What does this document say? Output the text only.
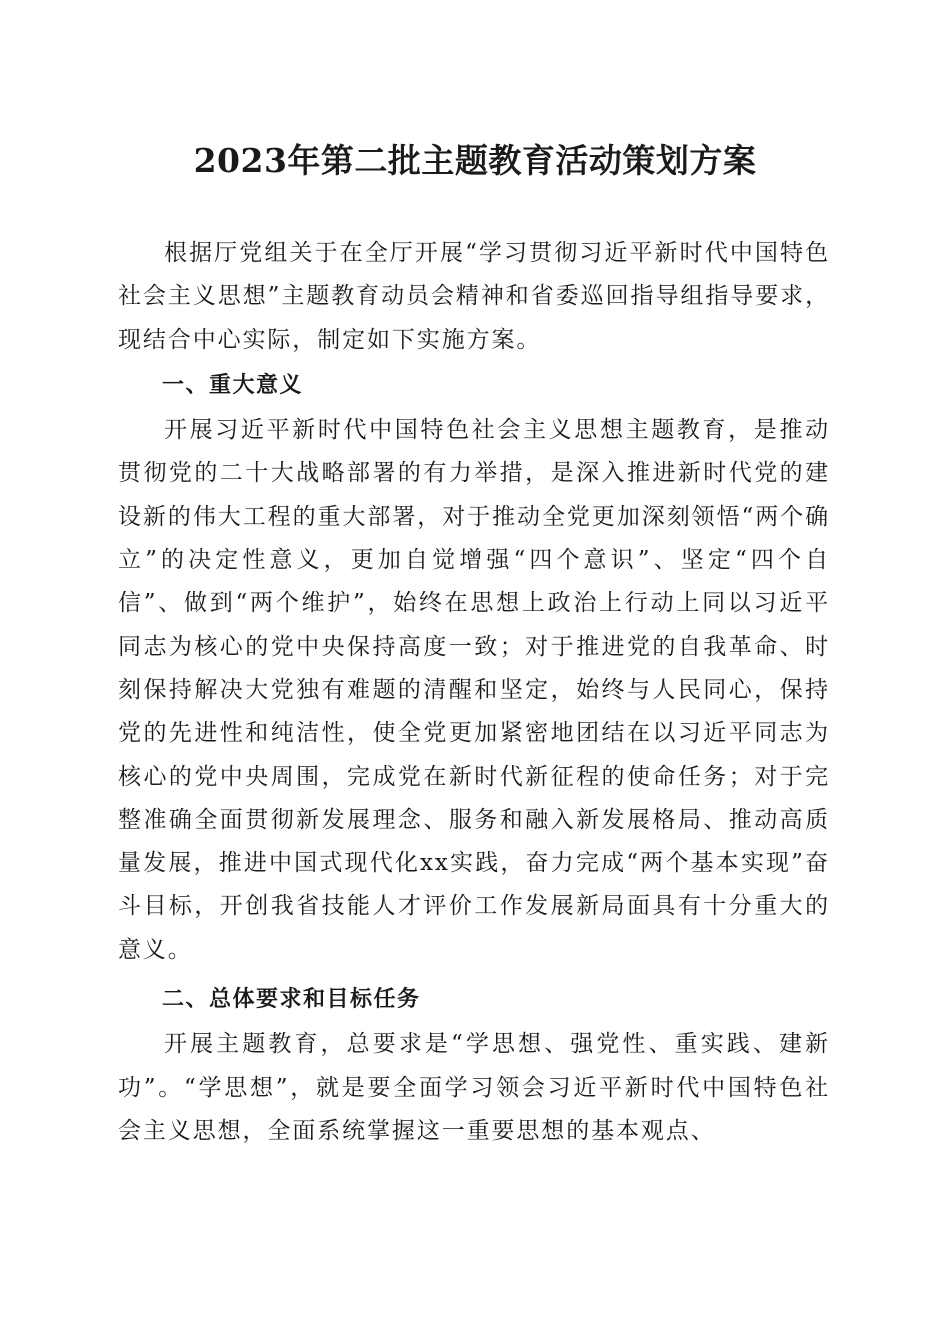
2023年第二批主题教育活动策划方案

根据厅党组关于在全厅开展“学习贯彻习近平新时代中国特色社会主义思想”主题教育动员会精神和省委巡回指导组指导要求，现结合中心实际，制定如下实施方案。

一、重大意义

开展习近平新时代中国特色社会主义思想主题教育，是推动贯彻党的二十大战略部署的有力举措，是深入推进新时代党的建设新的伟大工程的重大部署，对于推动全党更加深刻领悟“两个确立”的决定性意义，更加自觉增强“四个意识”、坚定“四个自信”、做到“两个维护”，始终在思想上政治上行动上同以习近平同志为核心的党中央保持高度一致；对于推进党的自我革命、时刻保持解决大党独有难题的清醒和坚定，始终与人民同心，保持党的先进性和纯洁性，使全党更加紧密地团结在以习近平同志为核心的党中央周围，完成党在新时代新征程的使命任务；对于完整准确全面贯彻新发展理念、服务和融入新发展格局、推动高质量发展，推进中国式现代化xx实践，奋力完成“两个基本实现”奋斗目标，开创我省技能人才评价工作发展新局面具有十分重大的意义。

二、总体要求和目标任务

开展主题教育，总要求是“学思想、强党性、重实践、建新功”。“学思想”，就是要全面学习领会习近平新时代中国特色社会主义思想，全面系统掌握这一重要思想的基本观点、
